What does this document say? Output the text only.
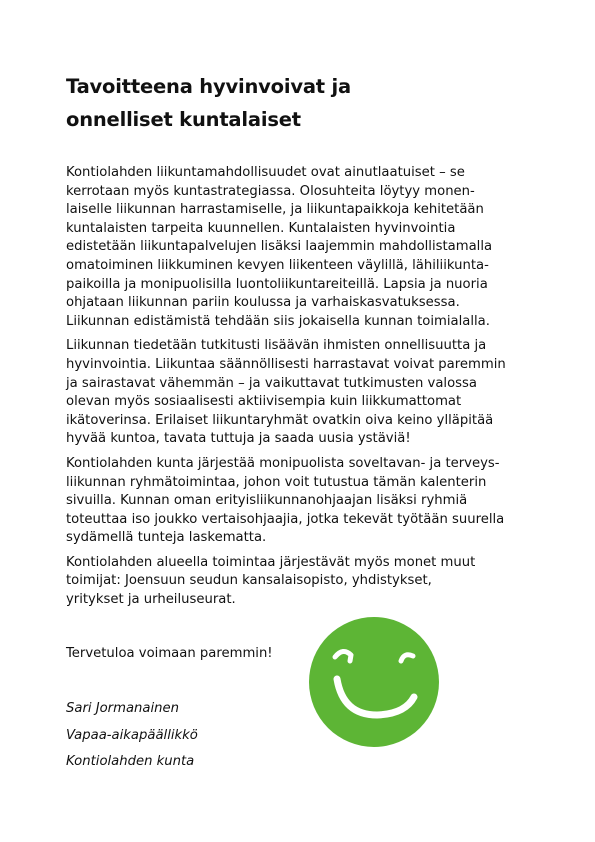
Tavoitteena hyvinvoivat ja
onnelliset kuntalaiset

Kontiolahden liikuntamahdollisuudet ovat ainutlaatuiset – se
kerrotaan myös kuntastrategiassa. Olosuhteita löytyy monen-
laiselle liikunnan harrastamiselle, ja liikuntapaikkoja kehitetään
kuntalaisten tarpeita kuunnellen. Kuntalaisten hyvinvointia
edistetään liikuntapalvelujen lisäksi laajemmin mahdollistamalla
omatoiminen liikkuminen kevyen liikenteen väylillä, lähiliikunta-
paikoilla ja monipuolisilla luontoliikuntareiteillä. Lapsia ja nuoria
ohjataan liikunnan pariin koulussa ja varhaiskasvatuksessa.
Liikunnan edistämistä tehdään siis jokaisella kunnan toimialalla.

Liikunnan tiedetään tutkitusti lisäävän ihmisten onnellisuutta ja
hyvinvointia. Liikuntaa säännöllisesti harrastavat voivat paremmin
ja sairastavat vähemmän – ja vaikuttavat tutkimusten valossa
olevan myös sosiaalisesti aktiivisempia kuin liikkumattomat
ikätoverinsa. Erilaiset liikuntaryhmät ovatkin oiva keino ylläpitää
hyvää kuntoa, tavata tuttuja ja saada uusia ystäviä!

Kontiolahden kunta järjestää monipuolista soveltavan- ja terveys-
liikunnan ryhmätoimintaa, johon voit tutustua tämän kalenterin
sivuilla. Kunnan oman erityisliikunnanohjaajan lisäksi ryhmiä
toteuttaa iso joukko vertaisohjaajia, jotka tekevät työtään suurella
sydämellä tunteja laskematta.

Kontiolahden alueella toimintaa järjestävät myös monet muut
toimijat: Joensuun seudun kansalaisopisto, yhdistykset,
yritykset ja urheiluseurat.

Tervetuloa voimaan paremmin!

Sari Jormanainen
Vapaa-aikapäällikkö
Kontiolahden kunta
